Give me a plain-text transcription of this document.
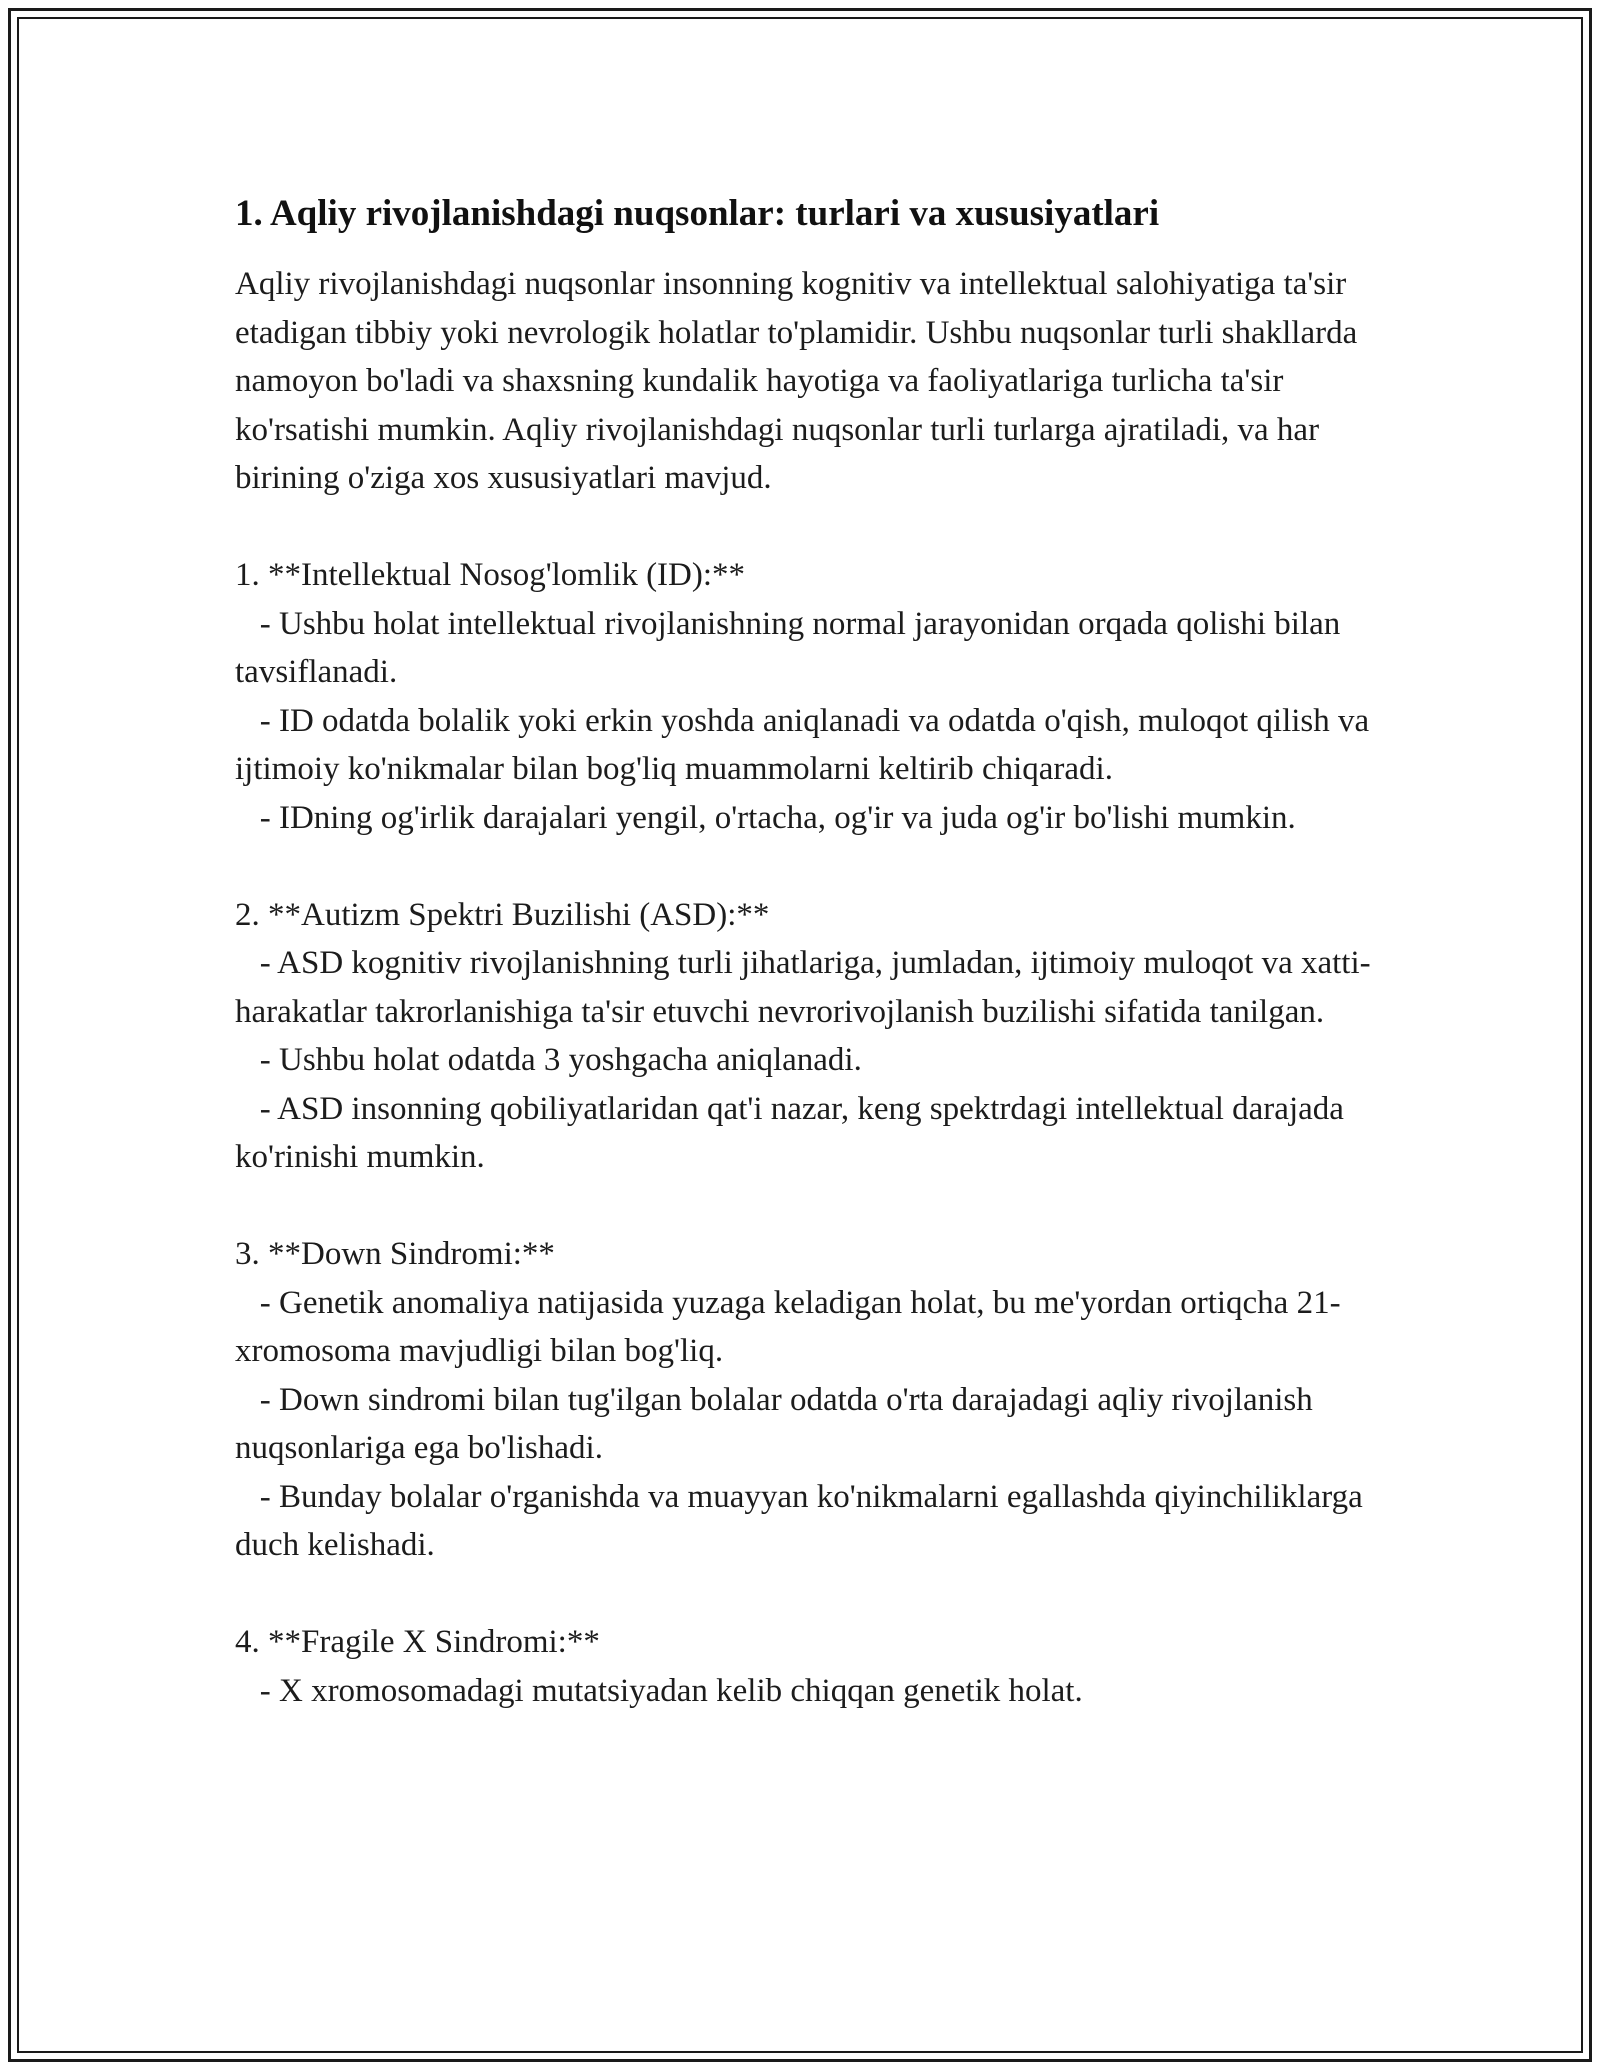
1. Aqliy rivojlanishdagi nuqsonlar: turlari va xususiyatlari

Aqliy rivojlanishdagi nuqsonlar insonning kognitiv va intellektual salohiyatiga ta'sir etadigan tibbiy yoki nevrologik holatlar to'plamidir. Ushbu nuqsonlar turli shakllarda namoyon bo'ladi va shaxsning kundalik hayotiga va faoliyatlariga turlicha ta'sir ko'rsatishi mumkin. Aqliy rivojlanishdagi nuqsonlar turli turlarga ajratiladi, va har birining o'ziga xos xususiyatlari mavjud.

1. **Intellektual Nosog'lomlik (ID):**

- Ushbu holat intellektual rivojlanishning normal jarayonidan orqada qolishi bilan tavsiflanadi.

- ID odatda bolalik yoki erkin yoshda aniqlanadi va odatda o'qish, muloqot qilish va ijtimoiy ko'nikmalar bilan bog'liq muammolarni keltirib chiqaradi.

- IDning og'irlik darajalari yengil, o'rtacha, og'ir va juda og'ir bo'lishi mumkin.

2. **Autizm Spektri Buzilishi (ASD):**

- ASD kognitiv rivojlanishning turli jihatlariga, jumladan, ijtimoiy muloqot va xatti-harakatlar takrorlanishiga ta'sir etuvchi nevrorivojlanish buzilishi sifatida tanilgan.

- Ushbu holat odatda 3 yoshgacha aniqlanadi.

- ASD insonning qobiliyatlaridan qat'i nazar, keng spektrdagi intellektual darajada ko'rinishi mumkin.

3. **Down Sindromi:**

- Genetik anomaliya natijasida yuzaga keladigan holat, bu me'yordan ortiqcha 21-xromosoma mavjudligi bilan bog'liq.

- Down sindromi bilan tug'ilgan bolalar odatda o'rta darajadagi aqliy rivojlanish nuqsonlariga ega bo'lishadi.

- Bunday bolalar o'rganishda va muayyan ko'nikmalarni egallashda qiyinchiliklarga duch kelishadi.

4. **Fragile X Sindromi:**

- X xromosomadagi mutatsiyadan kelib chiqqan genetik holat.
